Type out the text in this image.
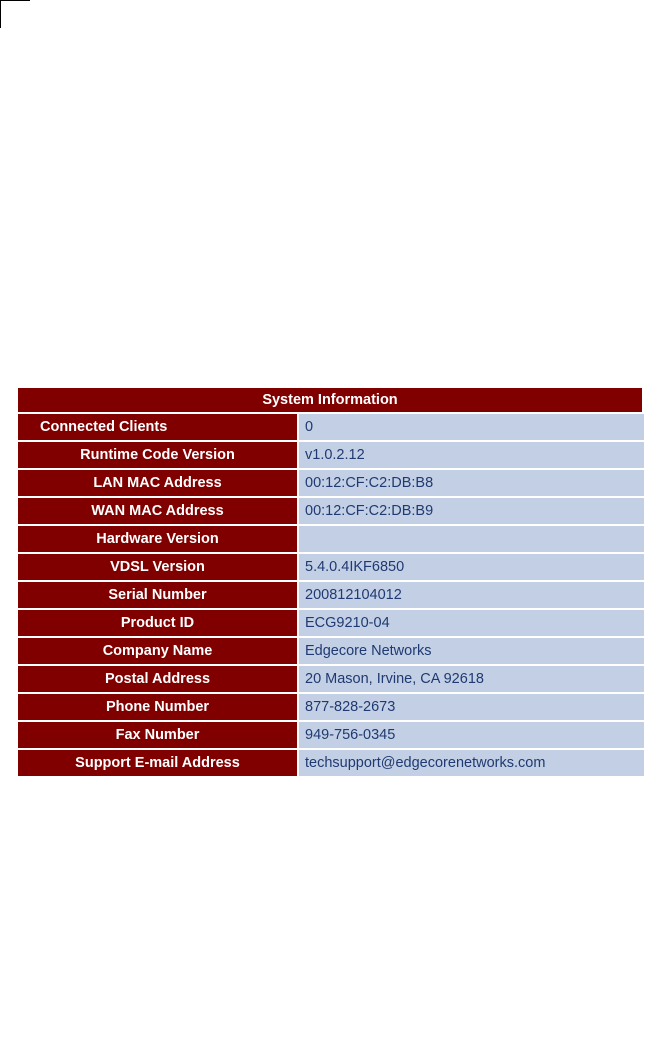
System Information	
Connected Clients	0
Runtime Code Version	v1.0.2.12
LAN MAC Address	00:12:CF:C2:DB:B8
WAN MAC Address	00:12:CF:C2:DB:B9
Hardware Version	
VDSL Version	5.4.0.4IKF6850
Serial Number	200812104012
Product ID	ECG9210-04
Company Name	Edgecore Networks
Postal Address	20 Mason, Irvine, CA 92618
Phone Number	877-828-2673
Fax Number	949-756-0345
Support E-mail Address	techsupport@edgecorenetworks.com
